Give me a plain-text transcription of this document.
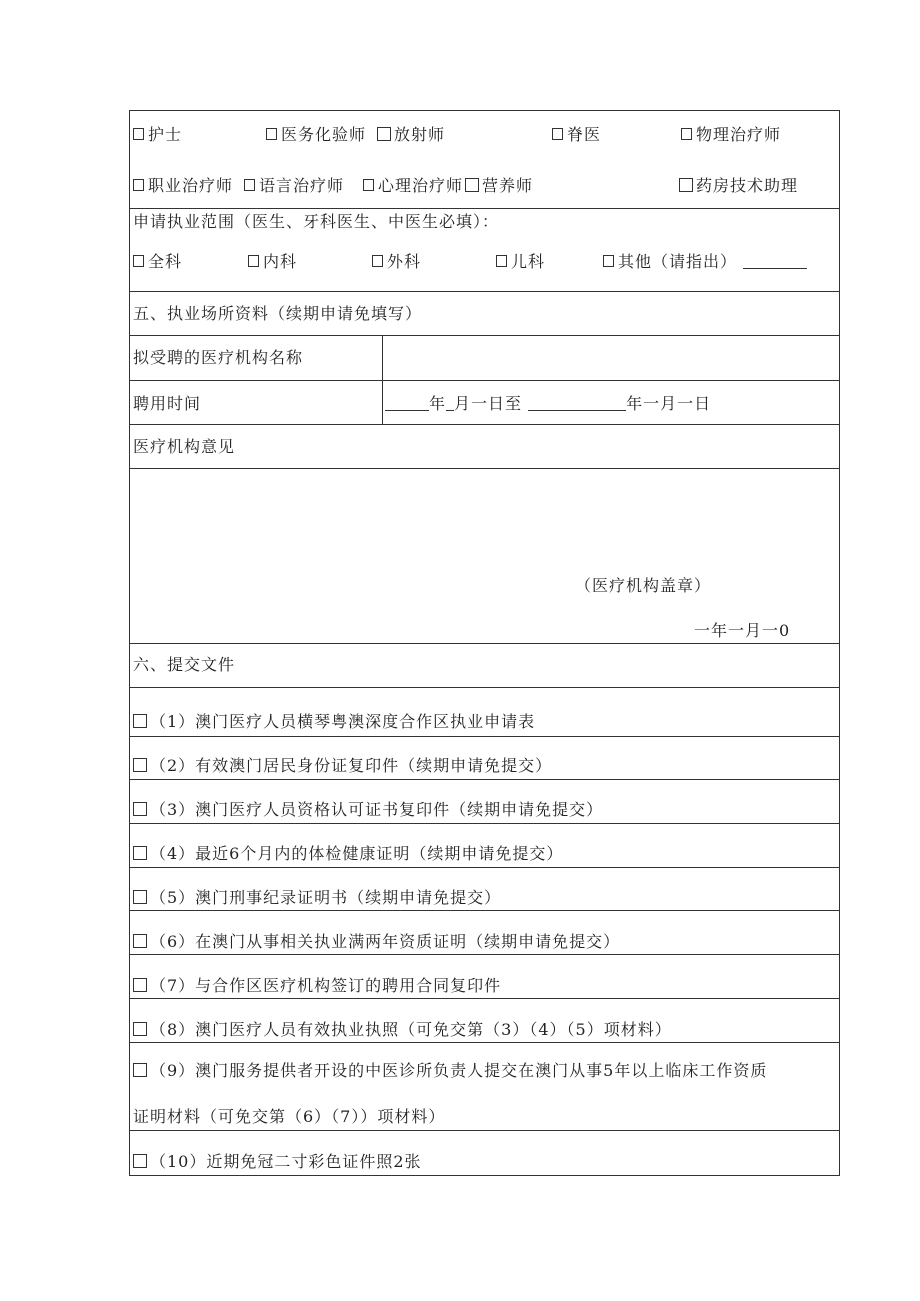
护士	医务化验师	放射师	脊医	物理治疗师
职业治疗师	语言治疗师	心理治疗师	营养师	药房技术助理
申请执业范围（医生、牙科医生、中医生必填）：
全科	内科	外科	儿科	其他（请指出）
五、执业场所资料（续期申请免填写）
拟受聘的医疗机构名称
聘用时间	年 月一日至	年一月一日
医疗机构意见
（医疗机构盖章）
一年一月一0
六、提交文件
（1）澳门医疗人员横琴粤澳深度合作区执业申请表
（2）有效澳门居民身份证复印件（续期申请免提交）
（3）澳门医疗人员资格认可证书复印件（续期申请免提交）
（4）最近6个月内的体检健康证明（续期申请免提交）
（5）澳门刑事纪录证明书（续期申请免提交）
（6）在澳门从事相关执业满两年资质证明（续期申请免提交）
（7）与合作区医疗机构签订的聘用合同复印件
（8）澳门医疗人员有效执业执照（可免交第（3）（4）（5）项材料）
（9）澳门服务提供者开设的中医诊所负责人提交在澳门从事5年以上临床工作资质
证明材料（可免交第（6）（7））项材料）
（10）近期免冠二寸彩色证件照2张
